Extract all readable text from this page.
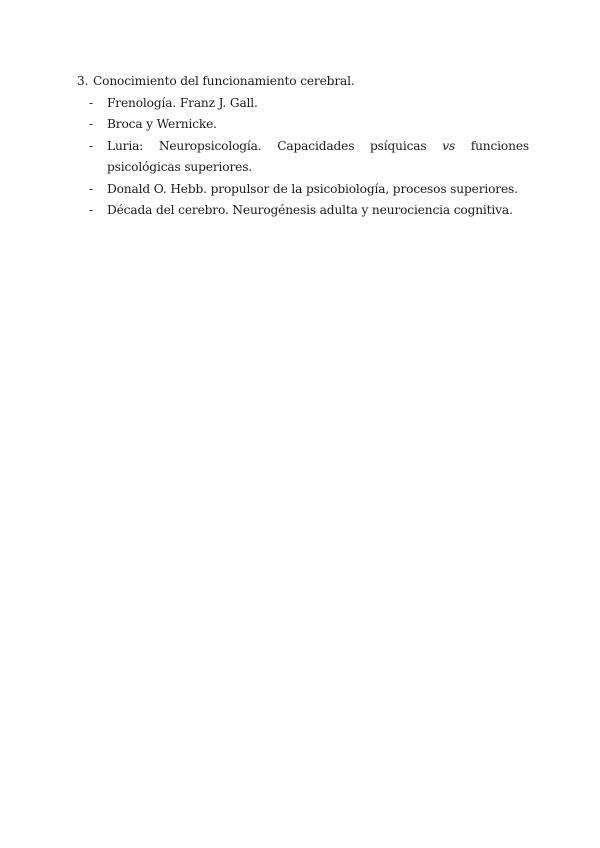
3. Conocimiento del funcionamiento cerebral.
- Frenología. Franz J. Gall.
- Broca y Wernicke.
- Luria: Neuropsicología. Capacidades psíquicas vs funciones psicológicas superiores.
- Donald O. Hebb. propulsor de la psicobiología, procesos superiores.
- Década del cerebro. Neurogénesis adulta y neurociencia cognitiva.
